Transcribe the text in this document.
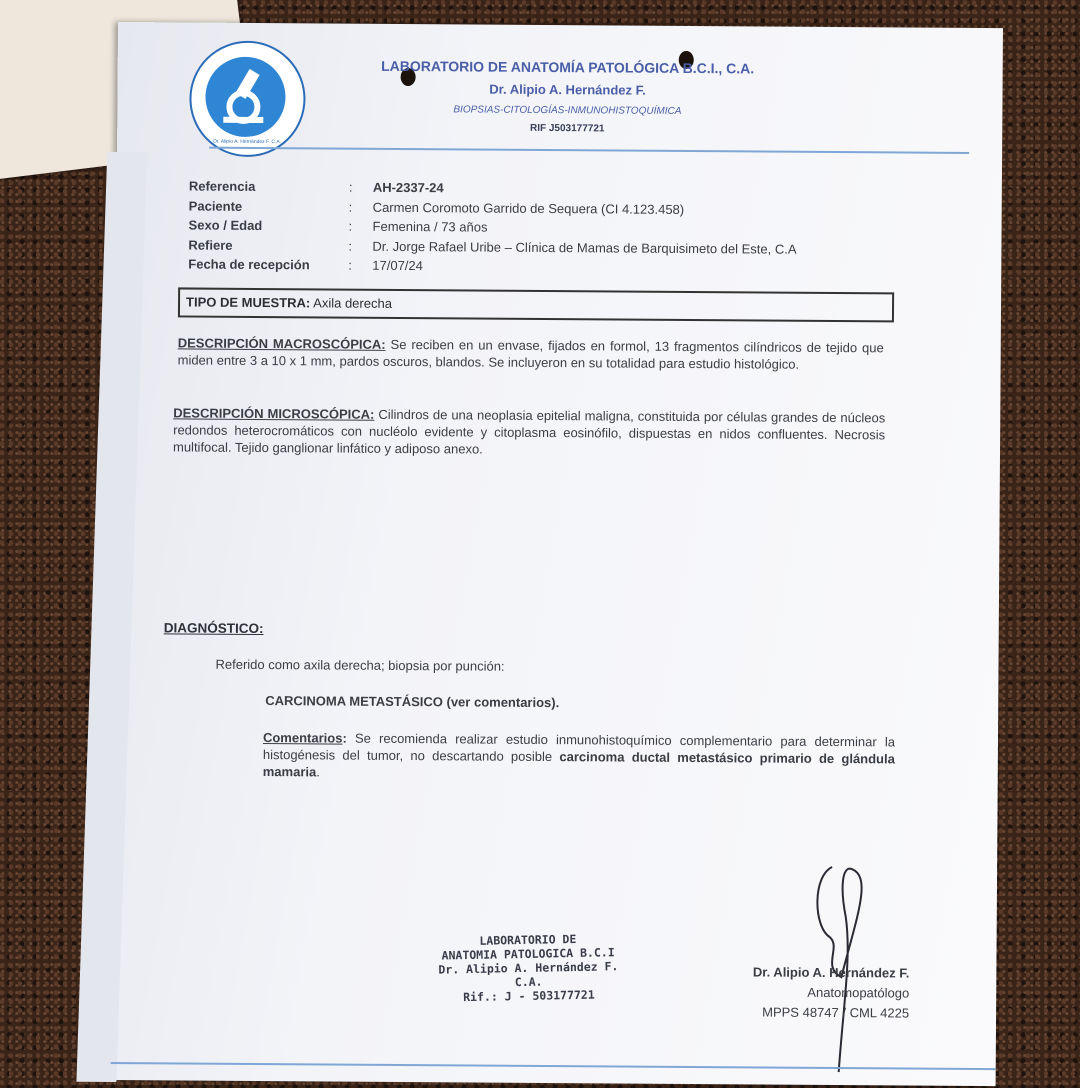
Dr. Alipio A. Hernández F. C.A.
LABORATORIO DE ANATOMÍA PATOLÓGICA B.C.I., C.A.
Dr. Alipio A. Hernández F.
BIOPSIAS-CITOLOGÍAS-INMUNOHISTOQUÍMICA
RIF J503177721
Referencia	:	AH-2337-24
Paciente	:	Carmen Coromoto Garrido de Sequera (CI 4.123.458)
Sexo / Edad	:	Femenina / 73 años
Refiere	:	Dr. Jorge Rafael Uribe – Clínica de Mamas de Barquisimeto del Este, C.A
Fecha de recepción	:	17/07/24
TIPO DE MUESTRA: Axila derecha
DESCRIPCIÓN MACROSCÓPICA: Se reciben en un envase, fijados en formol, 13 fragmentos cilíndricos de tejido que miden entre 3 a 10 x 1 mm, pardos oscuros, blandos. Se incluyeron en su totalidad para estudio histológico.
DESCRIPCIÓN MICROSCÓPICA: Cilindros de una neoplasia epitelial maligna, constituida por células grandes de núcleos redondos heterocromáticos con nucléolo evidente y citoplasma eosinófilo, dispuestas en nidos confluentes. Necrosis multifocal. Tejido ganglionar linfático y adiposo anexo.
DIAGNÓSTICO:
Referido como axila derecha; biopsia por punción:
CARCINOMA METASTÁSICO (ver comentarios).
Comentarios: Se recomienda realizar estudio inmunohistoquímico complementario para determinar la histogénesis del tumor, no descartando posible carcinoma ductal metastásico primario de glándula mamaria.
LABORATORIO DE
ANATOMIA PATOLOGICA B.C.I
Dr. Alipio A. Hernández F. C.A.
Rif.: J - 503177721
Dr. Alipio A. Hernández F.
Anatomopatólogo
MPPS 48747 / CML 4225
